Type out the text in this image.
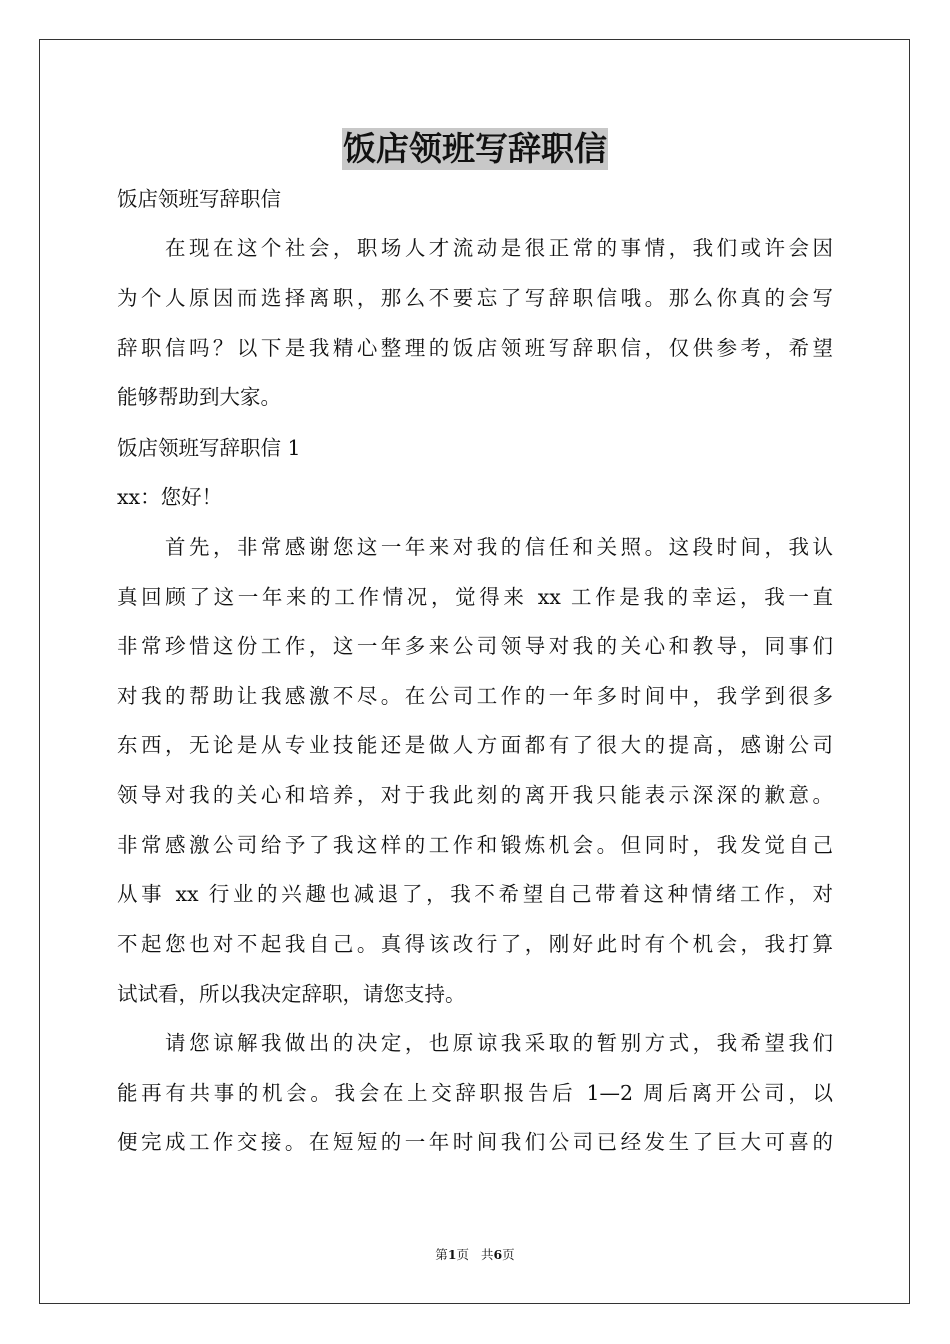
饭店领班写辞职信
饭店领班写辞职信
在现在这个社会，职场人才流动是很正常的事情，我们或许会因
为个人原因而选择离职，那么不要忘了写辞职信哦。那么你真的会写
辞职信吗？以下是我精心整理的饭店领班写辞职信，仅供参考，希望
能够帮助到大家。
饭店领班写辞职信 1
xx：您好！
首先，非常感谢您这一年来对我的信任和关照。这段时间，我认
真回顾了这一年来的工作情况，觉得来 xx 工作是我的幸运，我一直
非常珍惜这份工作，这一年多来公司领导对我的关心和教导，同事们
对我的帮助让我感激不尽。在公司工作的一年多时间中，我学到很多
东西，无论是从专业技能还是做人方面都有了很大的提高，感谢公司
领导对我的关心和培养，对于我此刻的离开我只能表示深深的歉意。
非常感激公司给予了我这样的工作和锻炼机会。但同时，我发觉自己
从事 xx 行业的兴趣也减退了，我不希望自己带着这种情绪工作，对
不起您也对不起我自己。真得该改行了，刚好此时有个机会，我打算
试试看，所以我决定辞职，请您支持。
请您谅解我做出的决定，也原谅我采取的暂别方式，我希望我们
能再有共事的机会。我会在上交辞职报告后 1—2 周后离开公司，以
便完成工作交接。在短短的一年时间我们公司已经发生了巨大可喜的
第1页 共6页
